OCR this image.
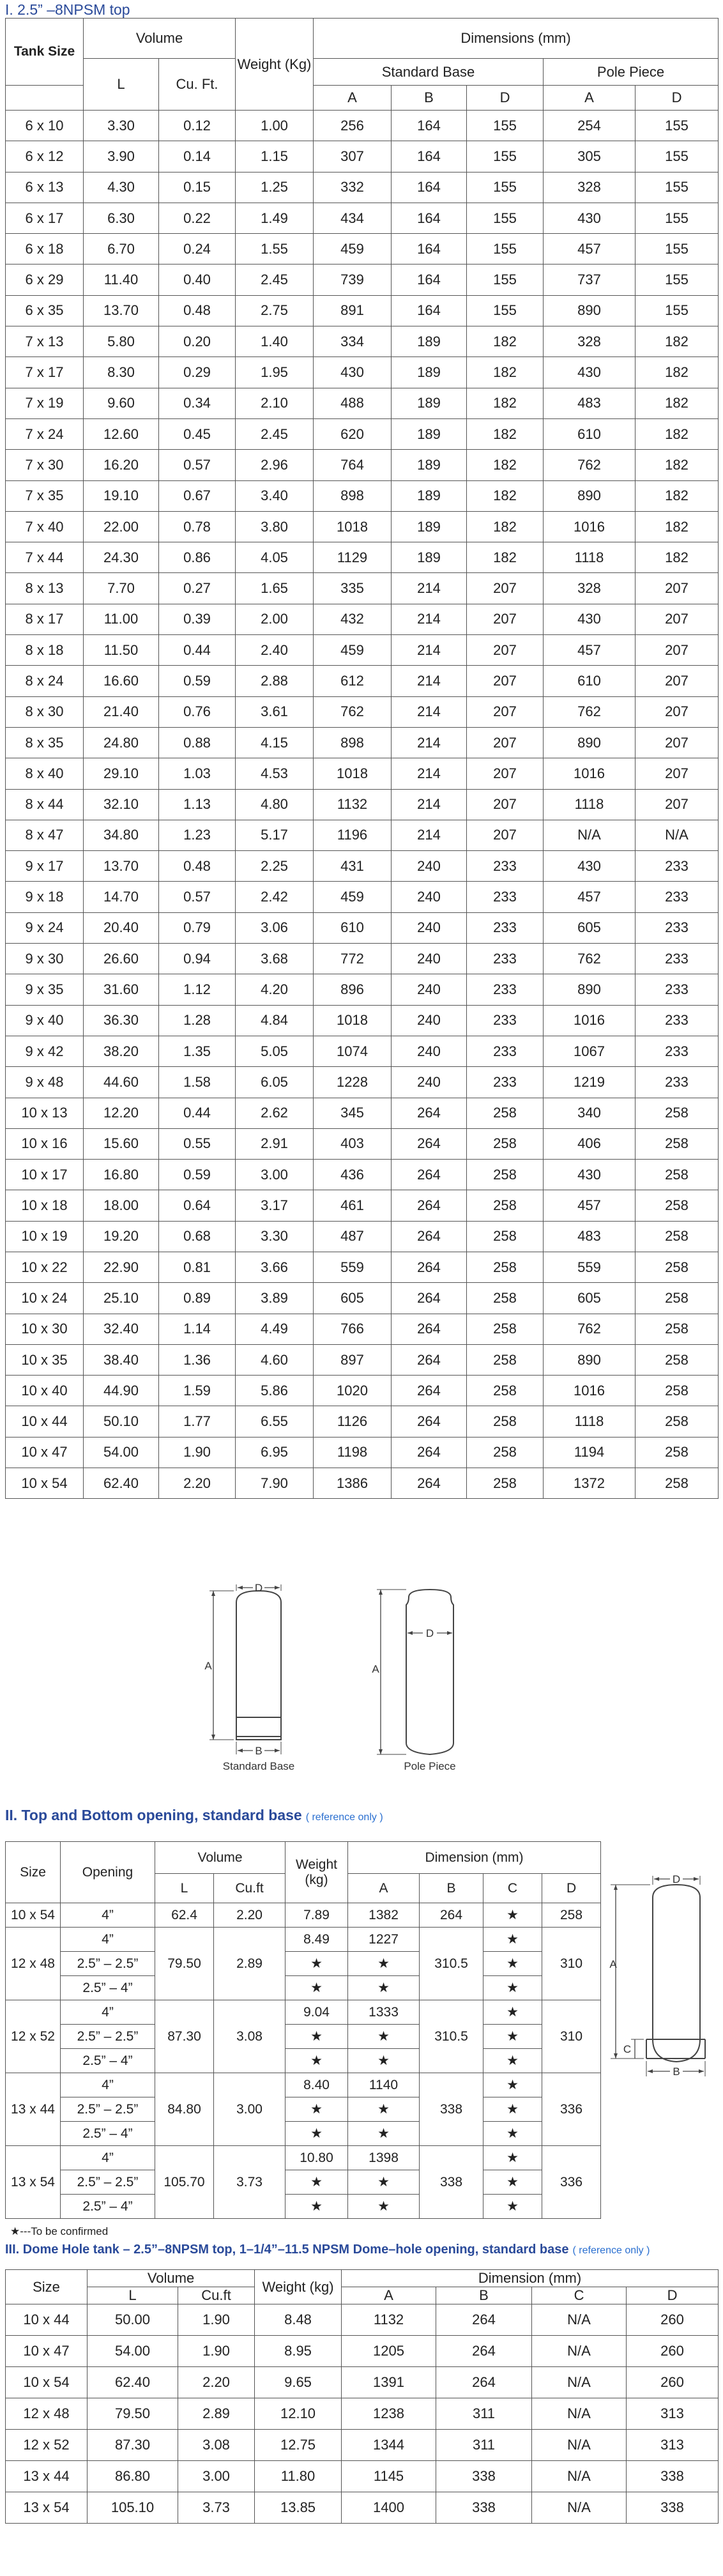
I. 2.5” –8NPSM top
Tank Size	Volume		Weight (Kg)	Dimensions (mm)				
	L	Cu. Ft.		Standard Base			Pole Piece	
				A	B	D	A	D
6 x 10	3.30	0.12	1.00	256	164	155	254	155
6 x 12	3.90	0.14	1.15	307	164	155	305	155
6 x 13	4.30	0.15	1.25	332	164	155	328	155
6 x 17	6.30	0.22	1.49	434	164	155	430	155
6 x 18	6.70	0.24	1.55	459	164	155	457	155
6 x 29	11.40	0.40	2.45	739	164	155	737	155
6 x 35	13.70	0.48	2.75	891	164	155	890	155
7 x 13	5.80	0.20	1.40	334	189	182	328	182
7 x 17	8.30	0.29	1.95	430	189	182	430	182
7 x 19	9.60	0.34	2.10	488	189	182	483	182
7 x 24	12.60	0.45	2.45	620	189	182	610	182
7 x 30	16.20	0.57	2.96	764	189	182	762	182
7 x 35	19.10	0.67	3.40	898	189	182	890	182
7 x 40	22.00	0.78	3.80	1018	189	182	1016	182
7 x 44	24.30	0.86	4.05	1129	189	182	1118	182
8 x 13	7.70	0.27	1.65	335	214	207	328	207
8 x 17	11.00	0.39	2.00	432	214	207	430	207
8 x 18	11.50	0.44	2.40	459	214	207	457	207
8 x 24	16.60	0.59	2.88	612	214	207	610	207
8 x 30	21.40	0.76	3.61	762	214	207	762	207
8 x 35	24.80	0.88	4.15	898	214	207	890	207
8 x 40	29.10	1.03	4.53	1018	214	207	1016	207
8 x 44	32.10	1.13	4.80	1132	214	207	1118	207
8 x 47	34.80	1.23	5.17	1196	214	207	N/A	N/A
9 x 17	13.70	0.48	2.25	431	240	233	430	233
9 x 18	14.70	0.57	2.42	459	240	233	457	233
9 x 24	20.40	0.79	3.06	610	240	233	605	233
9 x 30	26.60	0.94	3.68	772	240	233	762	233
9 x 35	31.60	1.12	4.20	896	240	233	890	233
9 x 40	36.30	1.28	4.84	1018	240	233	1016	233
9 x 42	38.20	1.35	5.05	1074	240	233	1067	233
9 x 48	44.60	1.58	6.05	1228	240	233	1219	233
10 x 13	12.20	0.44	2.62	345	264	258	340	258
10 x 16	15.60	0.55	2.91	403	264	258	406	258
10 x 17	16.80	0.59	3.00	436	264	258	430	258
10 x 18	18.00	0.64	3.17	461	264	258	457	258
10 x 19	19.20	0.68	3.30	487	264	258	483	258
10 x 22	22.90	0.81	3.66	559	264	258	559	258
10 x 24	25.10	0.89	3.89	605	264	258	605	258
10 x 30	32.40	1.14	4.49	766	264	258	762	258
10 x 35	38.40	1.36	4.60	897	264	258	890	258
10 x 40	44.90	1.59	5.86	1020	264	258	1016	258
10 x 44	50.10	1.77	6.55	1126	264	258	1118	258
10 x 47	54.00	1.90	6.95	1198	264	258	1194	258
10 x 54	62.40	2.20	7.90	1386	264	258	1372	258
D
A
B
Standard Base
D
A
Pole Piece
II. Top and Bottom opening, standard base ( reference only )
Size	Opening	Volume		Weight (kg)	Dimension (mm)			
		L	Cu.ft		A	B	C	D
10 x 54	4”	62.4	2.20	7.89	1382	264	★	258
12 x 48	4”	79.50	2.89	8.49	1227	310.5	★	310
	2.5” – 2.5”			★	★		★	
	2.5” – 4”			★	★		★	
12 x 52	4”	87.30	3.08	9.04	1333	310.5	★	310
	2.5” – 2.5”			★	★		★	
	2.5” – 4”			★	★		★	
13 x 44	4”	84.80	3.00	8.40	1140	338	★	336
	2.5” – 2.5”			★	★		★	
	2.5” – 4”			★	★		★	
13 x 54	4”	105.70	3.73	10.80	1398	338	★	336
	2.5” – 2.5”			★	★		★	
	2.5” – 4”			★	★		★	
★---To be confirmed
D
A
C
B
III. Dome Hole tank – 2.5”–8NPSM top, 1–1/4”–11.5 NPSM Dome–hole opening, standard base ( reference only )
Size	Volume		Weight (kg)	Dimension (mm)			
	L	Cu.ft		A	B	C	D
10 x 44	50.00	1.90	8.48	1132	264	N/A	260
10 x 47	54.00	1.90	8.95	1205	264	N/A	260
10 x 54	62.40	2.20	9.65	1391	264	N/A	260
12 x 48	79.50	2.89	12.10	1238	311	N/A	313
12 x 52	87.30	3.08	12.75	1344	311	N/A	313
13 x 44	86.80	3.00	11.80	1145	338	N/A	338
13 x 54	105.10	3.73	13.85	1400	338	N/A	338
